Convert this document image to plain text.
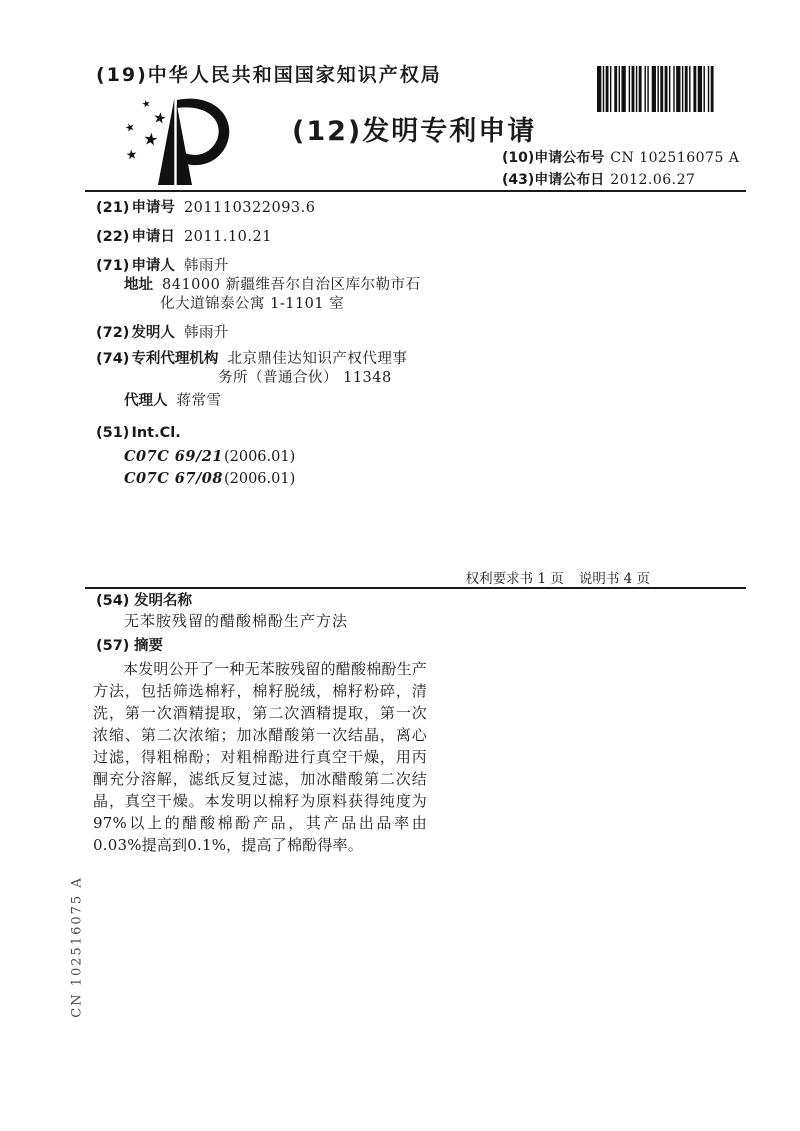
(19)中华人民共和国国家知识产权局
★
★
★
★
★
(12)发明专利申请
(10)申请公布号 CN 102516075 A
(43)申请公布日 2012.06.27
(21) 申请号 201110322093.6
(22) 申请日 2011.10.21
(71) 申请人 韩雨升
地址 841000 新疆维吾尔自治区库尔勒市石
化大道锦泰公寓 1-1101 室
(72) 发明人 韩雨升
(74) 专利代理机构 北京鼎佳达知识产权代理事
务所（普通合伙） 11348
代理人 蒋常雪
(51) Int.Cl.
C07C 69/21(2006.01)
C07C 67/08(2006.01)
权利要求书 1 页 说明书 4 页
(54) 发明名称
无苯胺残留的醋酸棉酚生产方法
(57) 摘要
本发明公开了一种无苯胺残留的醋酸棉酚生产方法，包括筛选棉籽，棉籽脱绒，棉籽粉碎，清洗，第一次酒精提取，第二次酒精提取，第一次浓缩、第二次浓缩；加冰醋酸第一次结晶，离心过滤，得粗棉酚；对粗棉酚进行真空干燥，用丙酮充分溶解，滤纸反复过滤，加冰醋酸第二次结晶，真空干燥。本发明以棉籽为原料获得纯度为97%以上的醋酸棉酚产品，其产品出品率由0.03%提高到0.1%，提高了棉酚得率。
CN 102516075 A
